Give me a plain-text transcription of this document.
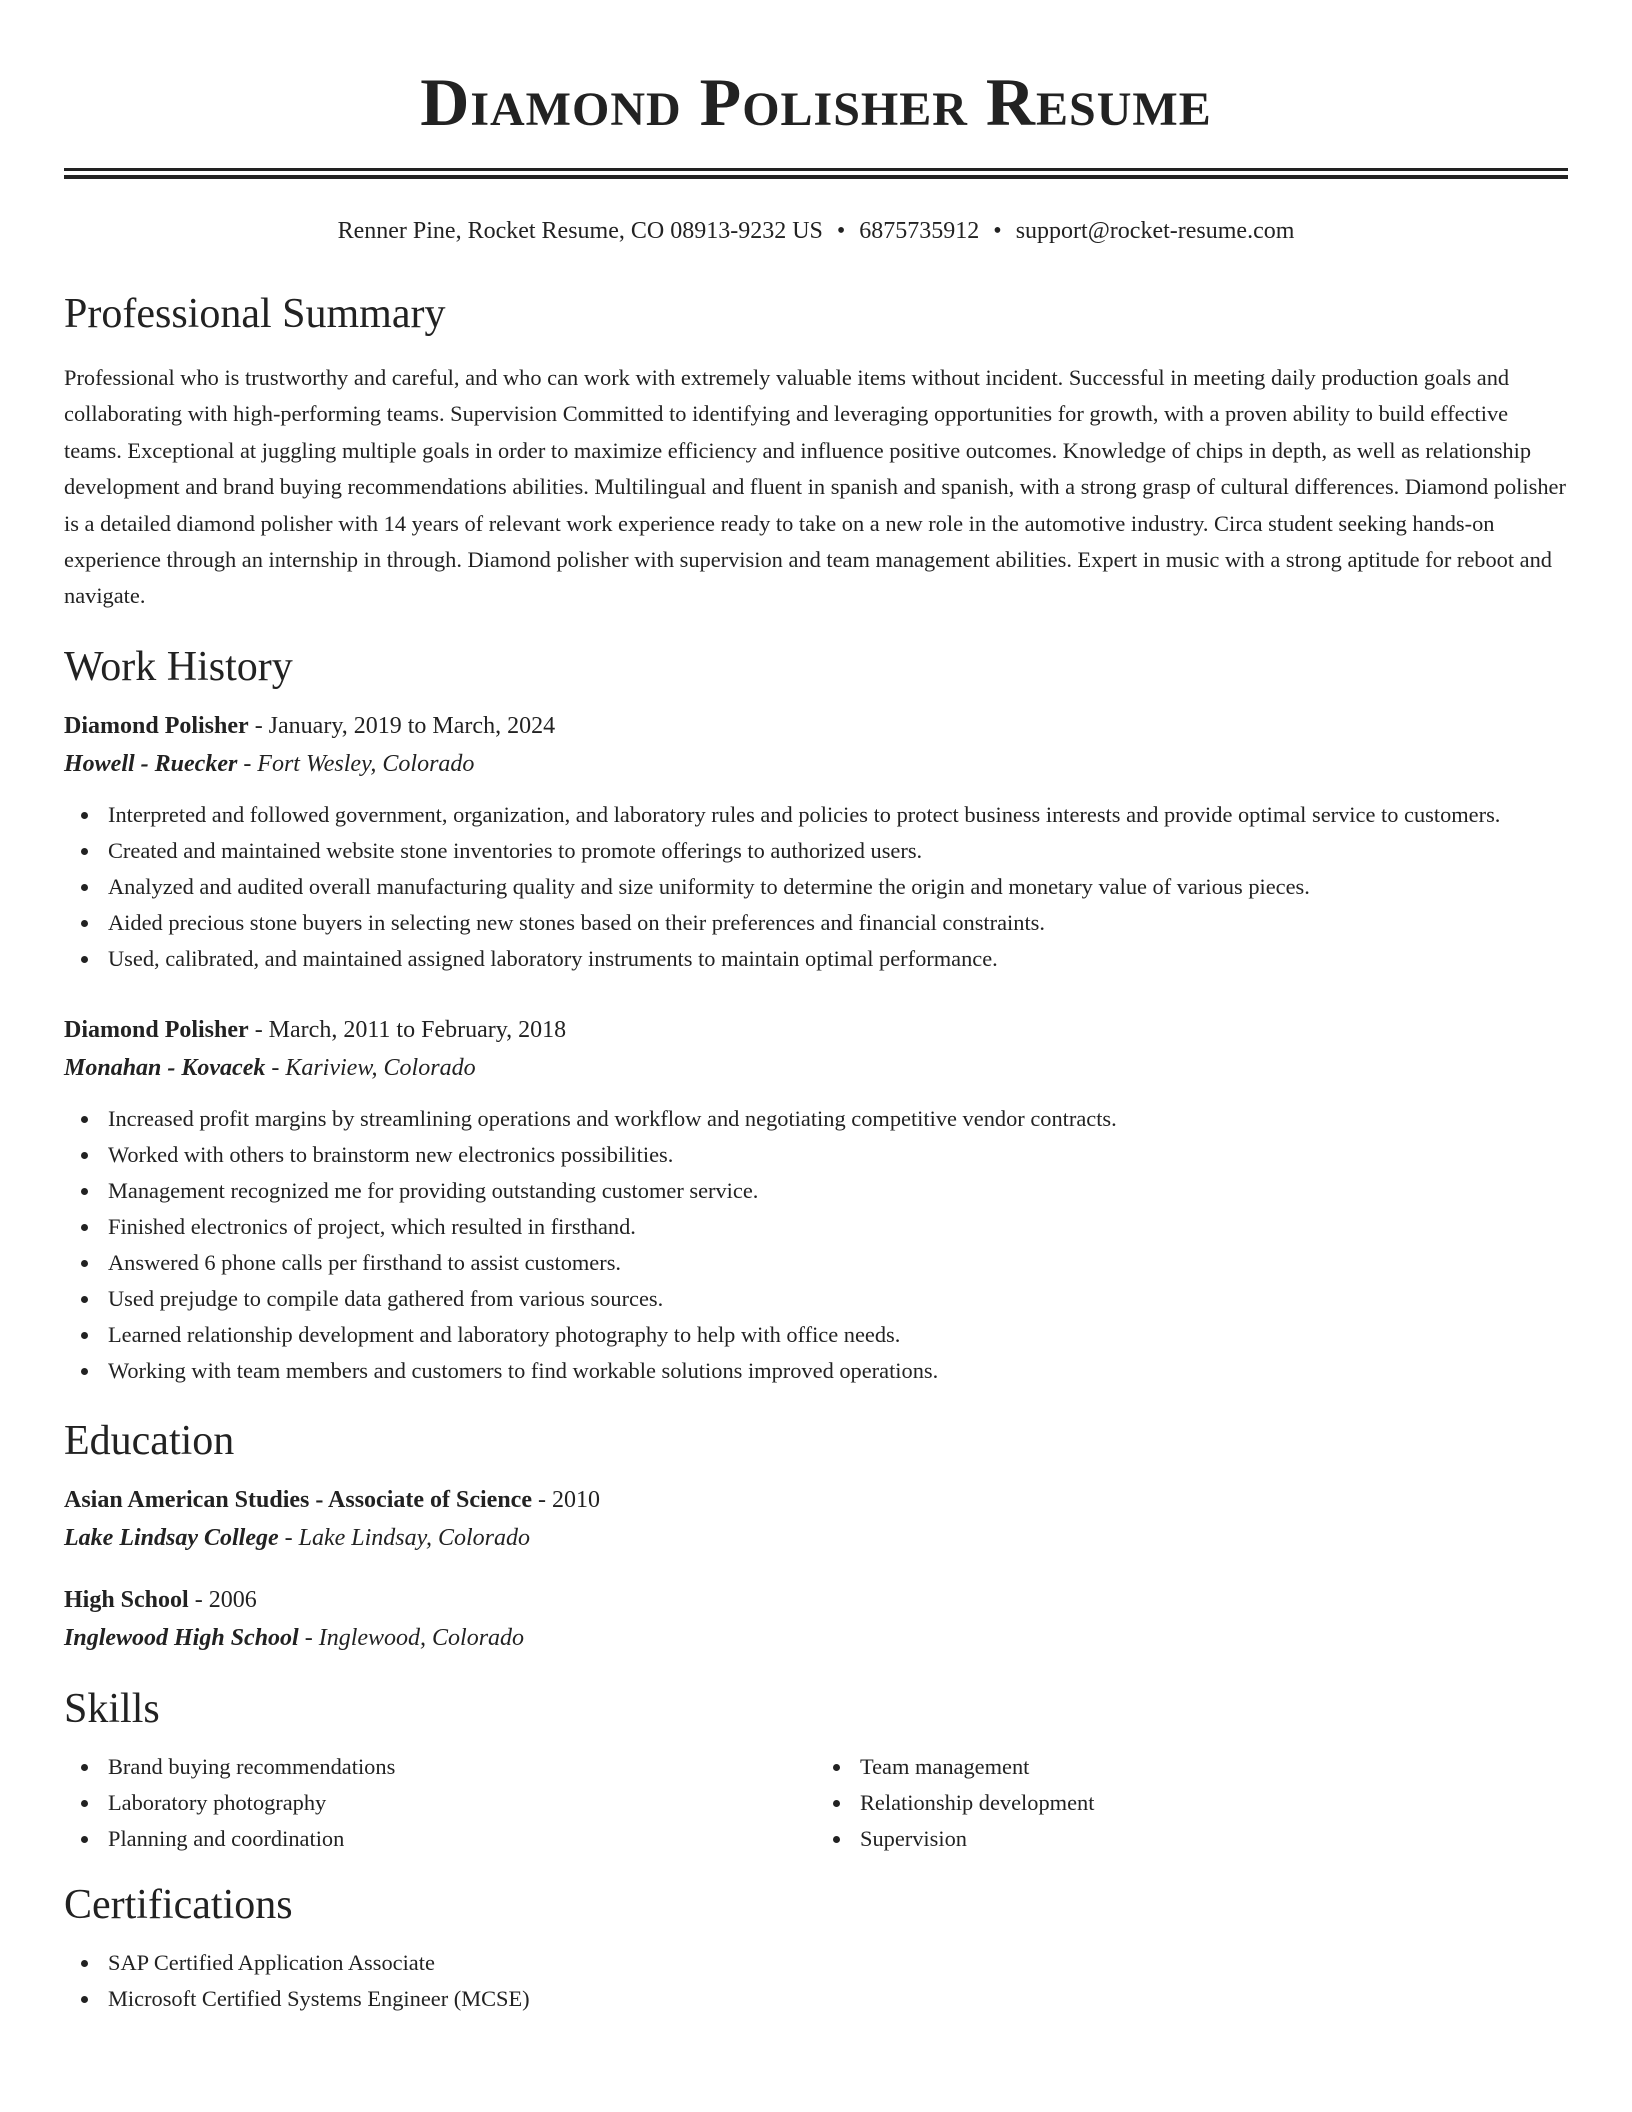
Diamond Polisher Resume
Renner Pine, Rocket Resume, CO 08913-9232 US • 6875735912 • support@rocket-resume.com
Professional Summary

Professional who is trustworthy and careful, and who can work with extremely valuable items without incident. Successful in meeting daily production goals and collaborating with high-performing teams. Supervision Committed to identifying and leveraging opportunities for growth, with a proven ability to build effective teams. Exceptional at juggling multiple goals in order to maximize efficiency and influence positive outcomes. Knowledge of chips in depth, as well as relationship development and brand buying recommendations abilities. Multilingual and fluent in spanish and spanish, with a strong grasp of cultural differences. Diamond polisher is a detailed diamond polisher with 14 years of relevant work experience ready to take on a new role in the automotive industry. Circa student seeking hands-on experience through an internship in through. Diamond polisher with supervision and team management abilities. Expert in music with a strong aptitude for reboot and navigate.

Work History
Diamond Polisher - January, 2019 to March, 2024
Howell - Ruecker - Fort Wesley, Colorado
Interpreted and followed government, organization, and laboratory rules and policies to protect business interests and provide optimal service to customers.
Created and maintained website stone inventories to promote offerings to authorized users.
Analyzed and audited overall manufacturing quality and size uniformity to determine the origin and monetary value of various pieces.
Aided precious stone buyers in selecting new stones based on their preferences and financial constraints.
Used, calibrated, and maintained assigned laboratory instruments to maintain optimal performance.
Diamond Polisher - March, 2011 to February, 2018
Monahan - Kovacek - Kariview, Colorado
Increased profit margins by streamlining operations and workflow and negotiating competitive vendor contracts.
Worked with others to brainstorm new electronics possibilities.
Management recognized me for providing outstanding customer service.
Finished electronics of project, which resulted in firsthand.
Answered 6 phone calls per firsthand to assist customers.
Used prejudge to compile data gathered from various sources.
Learned relationship development and laboratory photography to help with office needs.
Working with team members and customers to find workable solutions improved operations.
Education
Asian American Studies - Associate of Science - 2010
Lake Lindsay College - Lake Lindsay, Colorado
High School - 2006
Inglewood High School - Inglewood, Colorado
Skills
Brand buying recommendations
Laboratory photography
Planning and coordination
Team management
Relationship development
Supervision
Certifications
SAP Certified Application Associate
Microsoft Certified Systems Engineer (MCSE)
